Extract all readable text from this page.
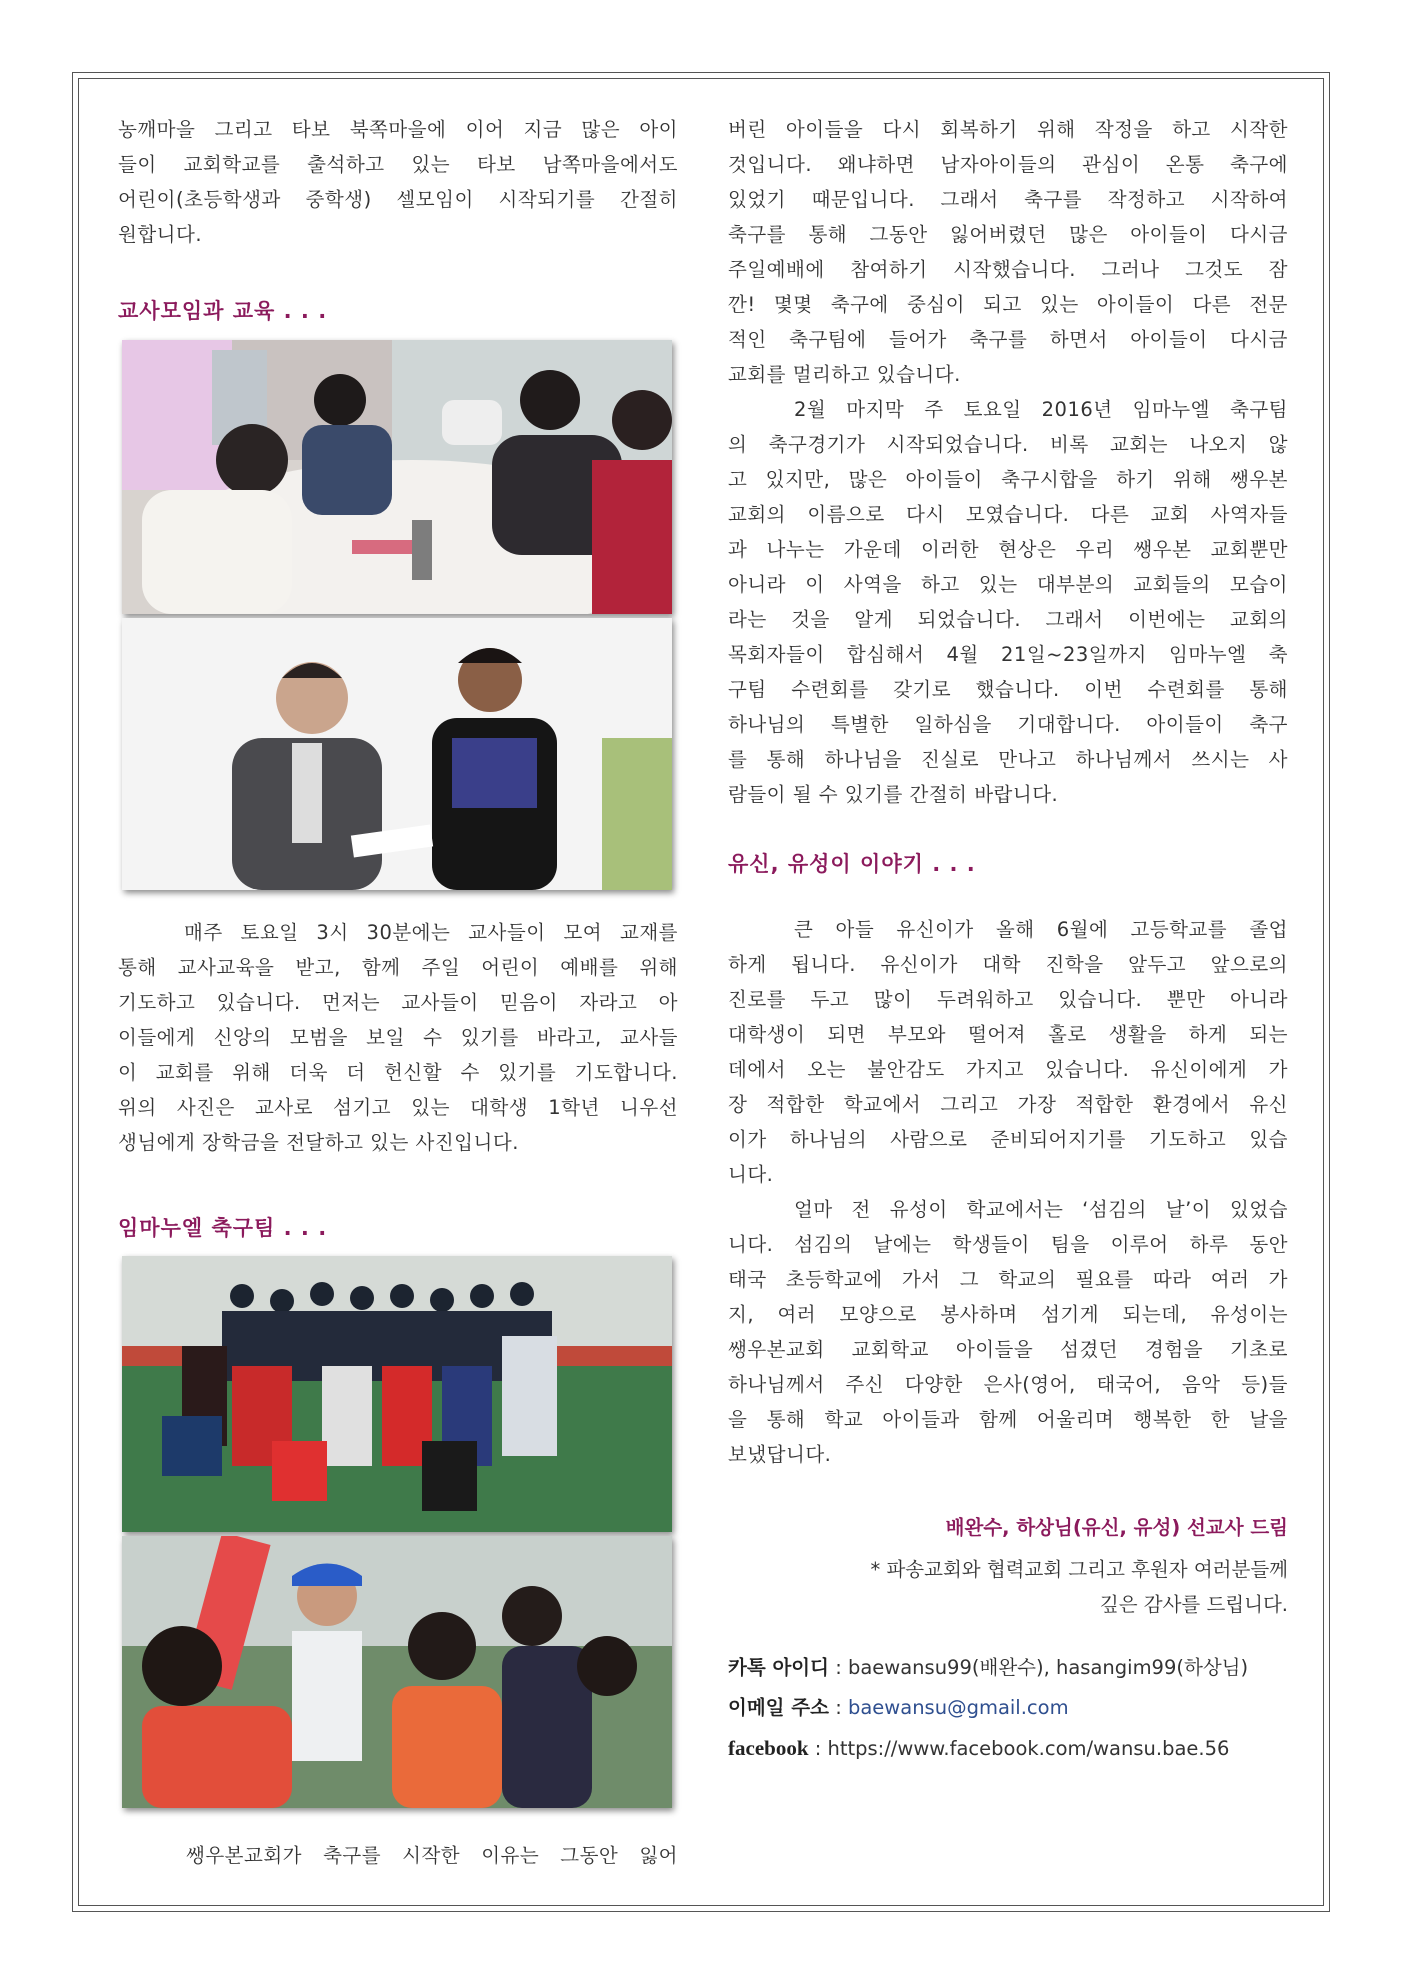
농깨마을 그리고 타보 북쪽마을에 이어 지금 많은 아이
들이 교회학교를 출석하고 있는 타보 남쪽마을에서도
어린이(초등학생과 중학생) 셀모임이 시작되기를 간절히
원합니다.

교사모임과 교육 . . .

매주 토요일 3시 30분에는 교사들이 모여 교재를
통해 교사교육을 받고, 함께 주일 어린이 예배를 위해
기도하고 있습니다. 먼저는 교사들이 믿음이 자라고 아
이들에게 신앙의 모범을 보일 수 있기를 바라고, 교사들
이 교회를 위해 더욱 더 헌신할 수 있기를 기도합니다.
위의 사진은 교사로 섬기고 있는 대학생 1학년 니우선
생님에게 장학금을 전달하고 있는 사진입니다.

임마누엘 축구팀 . . .
쌩우본교회가 축구를 시작한 이유는 그동안 잃어

버린 아이들을 다시 회복하기 위해 작정을 하고 시작한
것입니다. 왜냐하면 남자아이들의 관심이 온통 축구에
있었기 때문입니다. 그래서 축구를 작정하고 시작하여
축구를 통해 그동안 잃어버렸던 많은 아이들이 다시금
주일예배에 참여하기 시작했습니다. 그러나 그것도 잠
깐! 몇몇 축구에 중심이 되고 있는 아이들이 다른 전문
적인 축구팀에 들어가 축구를 하면서 아이들이 다시금
교회를 멀리하고 있습니다.

2월 마지막 주 토요일 2016년 임마누엘 축구팀
의 축구경기가 시작되었습니다. 비록 교회는 나오지 않
고 있지만, 많은 아이들이 축구시합을 하기 위해 쌩우본
교회의 이름으로 다시 모였습니다. 다른 교회 사역자들
과 나누는 가운데 이러한 현상은 우리 쌩우본 교회뿐만
아니라 이 사역을 하고 있는 대부분의 교회들의 모습이
라는 것을 알게 되었습니다. 그래서 이번에는 교회의
목회자들이 합심해서 4월 21일~23일까지 임마누엘 축
구팀 수련회를 갖기로 했습니다. 이번 수련회를 통해
하나님의 특별한 일하심을 기대합니다. 아이들이 축구
를 통해 하나님을 진실로 만나고 하나님께서 쓰시는 사
람들이 될 수 있기를 간절히 바랍니다.

유신, 유성이 이야기 . . .

큰 아들 유신이가 올해 6월에 고등학교를 졸업
하게 됩니다. 유신이가 대학 진학을 앞두고 앞으로의
진로를 두고 많이 두려워하고 있습니다. 뿐만 아니라
대학생이 되면 부모와 떨어져 홀로 생활을 하게 되는
데에서 오는 불안감도 가지고 있습니다. 유신이에게 가
장 적합한 학교에서 그리고 가장 적합한 환경에서 유신
이가 하나님의 사람으로 준비되어지기를 기도하고 있습
니다.

얼마 전 유성이 학교에서는 ‘섬김의 날’이 있었습
니다. 섬김의 날에는 학생들이 팀을 이루어 하루 동안
태국 초등학교에 가서 그 학교의 필요를 따라 여러 가
지, 여러 모양으로 봉사하며 섬기게 되는데, 유성이는
쌩우본교회 교회학교 아이들을 섬겼던 경험을 기초로
하나님께서 주신 다양한 은사(영어, 태국어, 음악 등)들
을 통해 학교 아이들과 함께 어울리며 행복한 한 날을
보냈답니다.

배완수, 하상님(유신, 유성) 선교사 드림
* 파송교회와 협력교회 그리고 후원자 여러분들께
깊은 감사를 드립니다.
카톡 아이디 : baewansu99(배완수), hasangim99(하상님)
이메일 주소 : baewansu@gmail.com
facebook : https://www.facebook.com/wansu.bae.56
